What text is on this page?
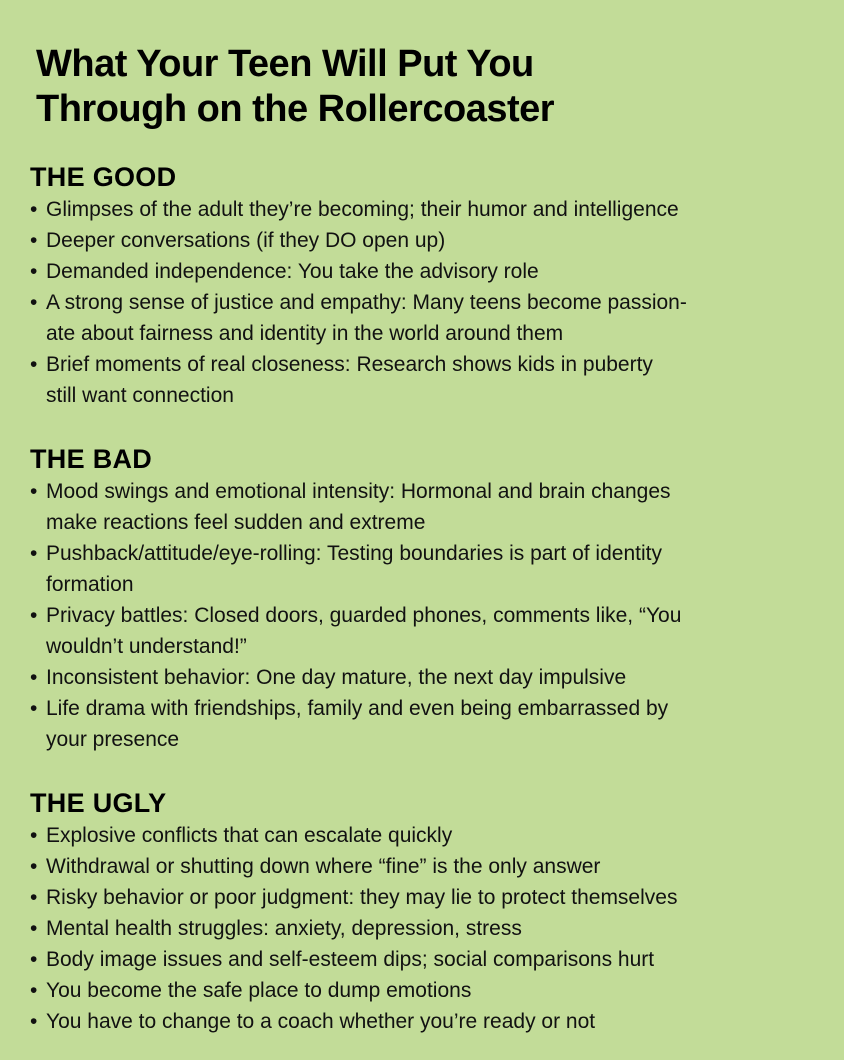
What Your Teen Will Put You
Through on the Rollercoaster
THE GOOD
• Glimpses of the adult they’re becoming; their humor and intelligence
• Deeper conversations (if they DO open up)
• Demanded independence: You take the advisory role
• A strong sense of justice and empathy: Many teens become passion-
ate about fairness and identity in the world around them
• Brief moments of real closeness: Research shows kids in puberty
still want connection
THE BAD
• Mood swings and emotional intensity: Hormonal and brain changes
make reactions feel sudden and extreme
• Pushback/attitude/eye-rolling: Testing boundaries is part of identity
formation
• Privacy battles: Closed doors, guarded phones, comments like, “You
wouldn’t understand!”
• Inconsistent behavior: One day mature, the next day impulsive
• Life drama with friendships, family and even being embarrassed by
your presence
THE UGLY
• Explosive conflicts that can escalate quickly
• Withdrawal or shutting down where “fine” is the only answer
• Risky behavior or poor judgment: they may lie to protect themselves
• Mental health struggles: anxiety, depression, stress
• Body image issues and self-esteem dips; social comparisons hurt
• You become the safe place to dump emotions
• You have to change to a coach whether you’re ready or not
